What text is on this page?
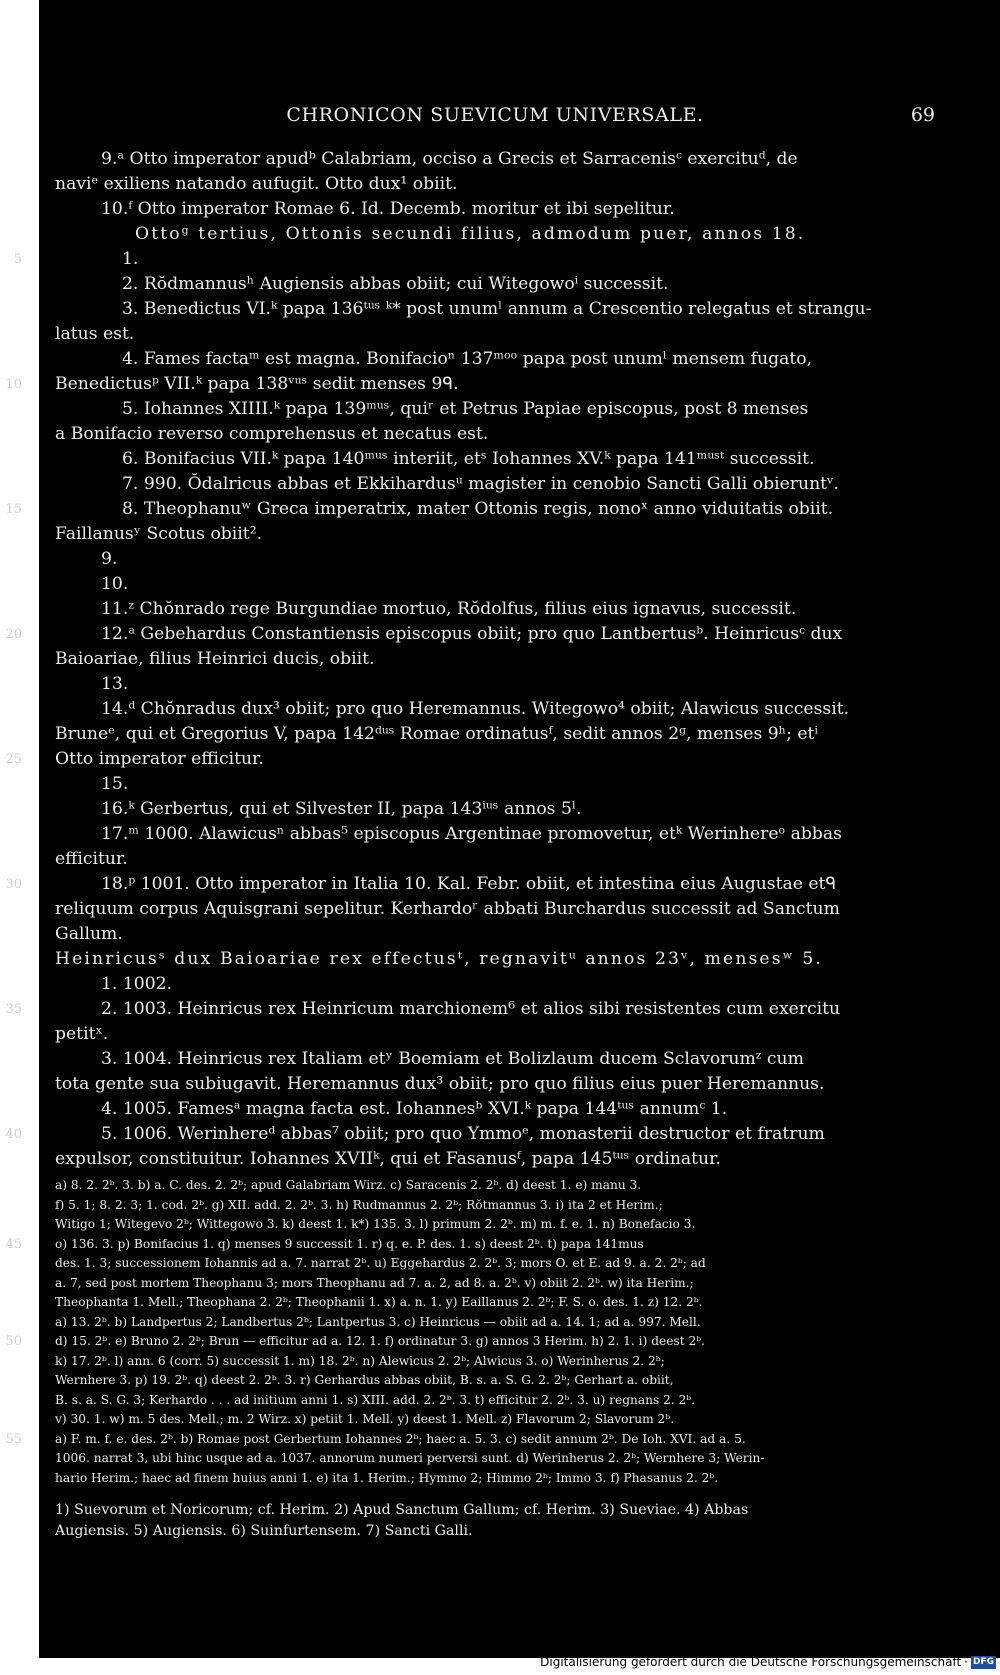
CHRONICON SUEVICUM UNIVERSALE.	69
9.ᵃ Otto imperator apudᵇ Calabriam, occiso a Grecis et Sarracenisᶜ exercituᵈ, de
naviᵉ exiliens natando aufugit. Otto dux¹ obiit.
10.ᶠ Otto imperator Romae 6. Id. Decemb. moritur et ibi sepelitur.
Ottoᵍ tertius, Ottonis secundi filius, admodum puer, annos 18.
5	1.
2. Rŏdmannusʰ Augiensis abbas obiit; cui Witegowoⁱ successit.
3. Benedictus VI.ᵏ papa 136ᵗᵘˢ ᵏ* post unumˡ annum a Crescentio relegatus et strangu-
latus est.
4. Fames factaᵐ est magna. Bonifacioⁿ 137ᵐᵒᵒ papa post unumˡ mensem fugato,
10 Benedictusᵖ VII.ᵏ papa 138ᵛᵘˢ sedit menses 9ᑫ.
5. Iohannes XIIII.ᵏ papa 139ᵐᵘˢ, quiʳ et Petrus Papiae episcopus, post 8 menses
a Bonifacio reverso comprehensus et necatus est.
6. Bonifacius VII.ᵏ papa 140ᵐᵘˢ interiit, etˢ Iohannes XV.ᵏ papa 141ᵐᵘˢᵗ successit.
7. 990. Ŏdalricus abbas et Ekkihardusᵘ magister in cenobio Sancti Galli obieruntᵛ.
15	8. Theophanuʷ Greca imperatrix, mater Ottonis regis, nonoˣ anno viduitatis obiit.
Faillanusʸ Scotus obiit².
9.
10.
11.ᶻ Chŏnrado rege Burgundiae mortuo, Rŏdolfus, filius eius ignavus, successit.
20	12.ᵃ Gebehardus Constantiensis episcopus obiit; pro quo Lantbertusᵇ. Heinricusᶜ dux
Baioariae, filius Heinrici ducis, obiit.
13.
14.ᵈ Chŏnradus dux³ obiit; pro quo Heremannus. Witegowo⁴ obiit; Alawicus successit.
Bruneᵉ, qui et Gregorius V, papa 142ᵈᵘˢ Romae ordinatusᶠ, sedit annos 2ᵍ, menses 9ʰ; etⁱ
25 Otto imperator efficitur.
15.
16.ᵏ Gerbertus, qui et Silvester II, papa 143ⁱᵘˢ annos 5ˡ.
17.ᵐ 1000. Alawicusⁿ abbas⁵ episcopus Argentinae promovetur, etᵏ Werinhereᵒ abbas
efficitur.
30	18.ᵖ 1001. Otto imperator in Italia 10. Kal. Febr. obiit, et intestina eius Augustae etᑫ
reliquum corpus Aquisgrani sepelitur. Kerhardoʳ abbati Burchardus successit ad Sanctum
Gallum.
Heinricusˢ dux Baioariae rex effectusᵗ, regnavitᵘ annos 23ᵛ, mensesʷ 5.
1. 1002.
35	2. 1003. Heinricus rex Heinricum marchionem⁶ et alios sibi resistentes cum exercitu
petitˣ.
3. 1004. Heinricus rex Italiam etʸ Boemiam et Bolizlaum ducem Sclavorumᶻ cum
tota gente sua subiugavit. Heremannus dux³ obiit; pro quo filius eius puer Heremannus.
4. 1005. Famesᵃ magna facta est. Iohannesᵇ XVI.ᵏ papa 144ᵗᵘˢ annumᶜ 1.
40	5. 1006. Werinhereᵈ abbas⁷ obiit; pro quo Ymmoᵉ, monasterii destructor et fratrum
expulsor, constituitur. Iohannes XVIIᵏ, qui et Fasanusᶠ, papa 145ᵗᵘˢ ordinatur.
a) 8. 2. 2ᵇ. 3. b) a. C. des. 2. 2ᵇ; apud Galabriam Wirz. c) Saracenis 2. 2ᵇ. d) deest 1. e) manu 3.
f) 5. 1; 8. 2. 3; 1. cod. 2ᵇ. g) XII. add. 2. 2ᵇ. 3. h) Rudmannus 2. 2ᵇ; Rŏtmannus 3. i) ita 2 et Herim.;
Witigo 1; Witegevo 2ᵇ; Wittegowo 3. k) deest 1. k*) 135. 3. l) primum 2. 2ᵇ. m) m. f. e. 1. n) Bonefacio 3.
45	o) 136. 3. p) Bonifacius 1. q) menses 9 successit 1. r) q. e. P. des. 1. s) deest 2ᵇ. t) papa 141mus
des. 1. 3; successionem Iohannis ad a. 7. narrat 2ᵇ. u) Eggehardus 2. 2ᵇ. 3; mors O. et E. ad 9. a. 2. 2ᵇ; ad
a. 7, sed post mortem Theophanu 3; mors Theophanu ad 7. a. 2, ad 8. a. 2ᵇ. v) obiit 2. 2ᵇ. w) ita Herim.;
Theophanta 1. Mell.; Theophana 2. 2ᵇ; Theophanii 1. x) a. n. 1. y) Eaillanus 2. 2ᵇ; F. S. o. des. 1. z) 12. 2ᵇ.
a) 13. 2ᵇ. b) Landpertus 2; Landbertus 2ᵇ; Lantpertus 3. c) Heinricus — obiit ad a. 14. 1; ad a. 997. Mell.
50	d) 15. 2ᵇ. e) Bruno 2. 2ᵇ; Brun — efficitur ad a. 12. 1. f) ordinatur 3. g) annos 3 Herim. h) 2. 1. i) deest 2ᵇ.
k) 17. 2ᵇ. l) ann. 6 (corr. 5) successit 1. m) 18. 2ᵇ. n) Alewicus 2. 2ᵇ; Alwicus 3. o) Werinherus 2. 2ᵇ;
Wernhere 3. p) 19. 2ᵇ. q) deest 2. 2ᵇ. 3. r) Gerhardus abbas obiit, B. s. a. S. G. 2. 2ᵇ; Gerhart a. obiit,
B. s. a. S. G. 3; Kerhardo . . . ad initium anni 1. s) XIII. add. 2. 2ᵇ. 3. t) efficitur 2. 2ᵇ. 3. u) regnans 2. 2ᵇ.
v) 30. 1. w) m. 5 des. Mell.; m. 2 Wirz. x) petiit 1. Mell. y) deest 1. Mell. z) Flavorum 2; Slavorum 2ᵇ.
55	a) F. m. f. e. des. 2ᵇ. b) Romae post Gerbertum Iohannes 2ᵇ; haec a. 5. 3. c) sedit annum 2ᵇ. De Ioh. XVI. ad a. 5.
1006. narrat 3, ubi hinc usque ad a. 1037. annorum numeri perversi sunt. d) Werinherus 2. 2ᵇ; Wernhere 3; Werin-
hario Herim.; haec ad finem huius anni 1. e) ita 1. Herim.; Hymmo 2; Himmo 2ᵇ; Immo 3. f) Phasanus 2. 2ᵇ.
1) Suevorum et Noricorum; cf. Herim. 2) Apud Sanctum Gallum; cf. Herim. 3) Sueviae. 4) Abbas
Augiensis. 5) Augiensis. 6) Suinfurtensem. 7) Sancti Galli.
Digitalisierung gefördert durch die Deutsche Forschungsgemeinschaft · DFG
